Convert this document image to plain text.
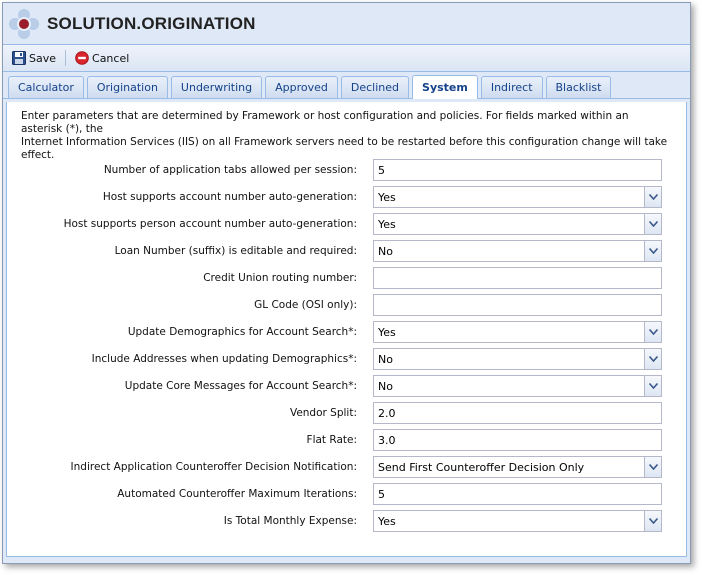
SOLUTION.ORIGINATION
Save	Cancel
Calculator	Origination	Underwriting	Approved	Declined	System	Indirect	Blacklist
Enter parameters that are determined by Framework or host configuration and policies. For fields marked within an asterisk (*), the
Internet Information Services (IIS) on all Framework servers need to be restarted before this configuration change will take effect.
Number of application tabs allowed per session:	5
Host supports account number auto-generation: Yes
Host supports person account number auto-generation: Yes
Loan Number (suffix) is editable and required: No
Credit Union routing number:
GL Code (OSI only):
Update Demographics for Account Search*: Yes
Include Addresses when updating Demographics*: No
Update Core Messages for Account Search*: No
Vendor Split:	2.0
Flat Rate:	3.0
Indirect Application Counteroffer Decision Notification: Send First Counteroffer Decision Only
Automated Counteroffer Maximum Iterations:	5
Is Total Monthly Expense: Yes
